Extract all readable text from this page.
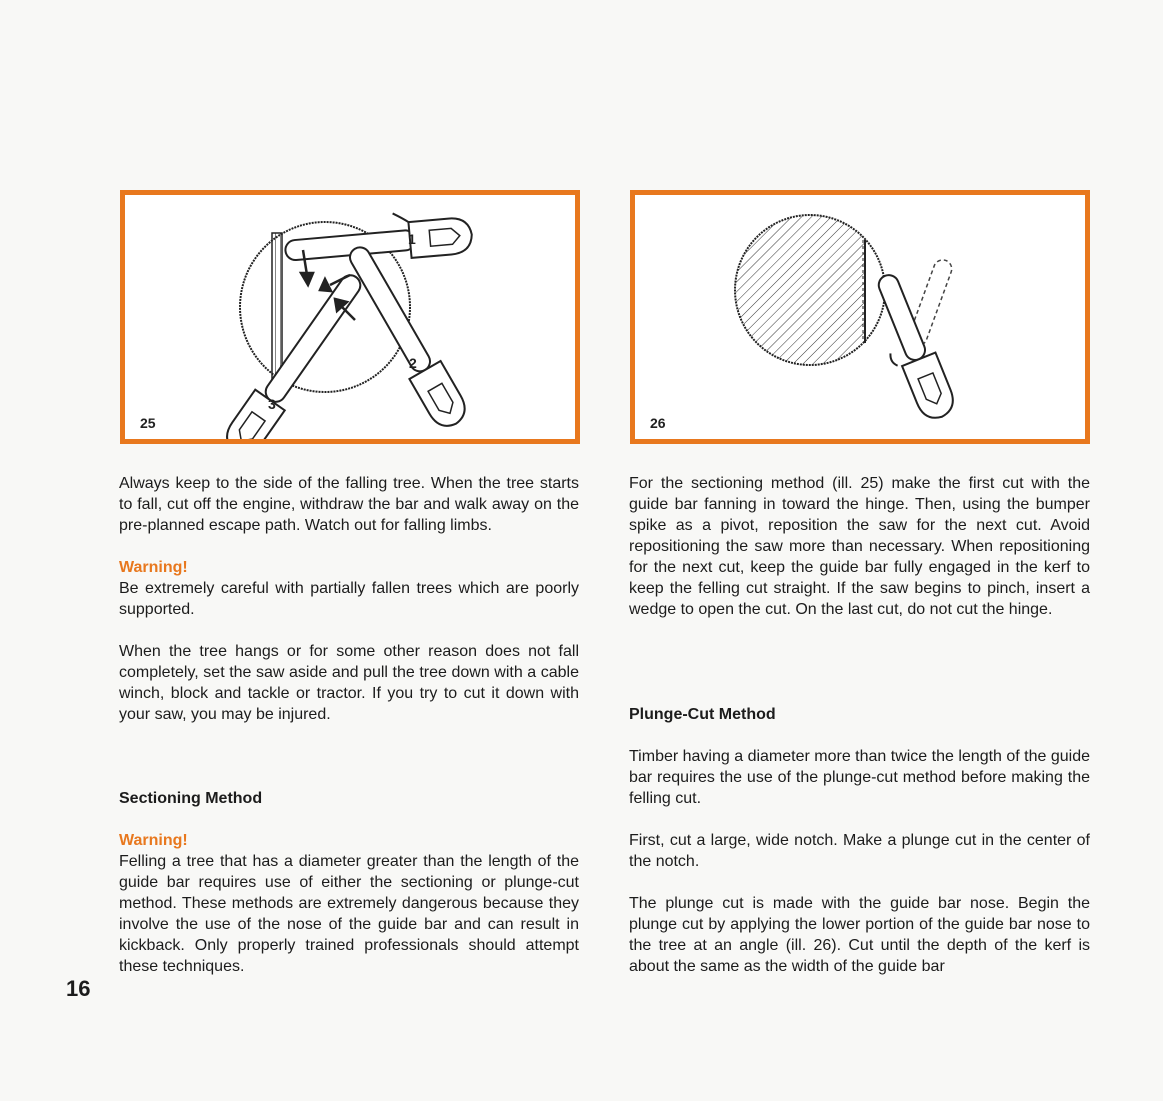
1
2
3
25	26

Always keep to the side of the falling tree. When the tree starts to fall, cut off the engine, withdraw the bar and walk away on the pre-planned escape path. Watch out for falling limbs.

Warning!

Be extremely careful with partially fallen trees which are poorly supported.

When the tree hangs or for some other reason does not fall completely, set the saw aside and pull the tree down with a cable winch, block and tackle or tractor. If you try to cut it down with your saw, you may be injured.

Sectioning Method
Warning!

Felling a tree that has a diameter greater than the length of the guide bar requires use of either the sectioning or plunge-cut method. These methods are extremely dangerous because they involve the use of the nose of the guide bar and can result in kickback. Only properly trained professionals should attempt these techniques.

For the sectioning method (ill. 25) make the first cut with the guide bar fanning in toward the hinge. Then, using the bumper spike as a pivot, reposition the saw for the next cut. Avoid repositioning the saw more than necessary. When repositioning for the next cut, keep the guide bar fully engaged in the kerf to keep the felling cut straight. If the saw begins to pinch, insert a wedge to open the cut. On the last cut, do not cut the hinge.

Plunge-Cut Method

Timber having a diameter more than twice the length of the guide bar requires the use of the plunge-cut method before making the felling cut.

First, cut a large, wide notch. Make a plunge cut in the center of the notch.

The plunge cut is made with the guide bar nose. Begin the plunge cut by applying the lower portion of the guide bar nose to the tree at an angle (ill. 26). Cut until the depth of the kerf is about the same as the width of the guide bar

16
